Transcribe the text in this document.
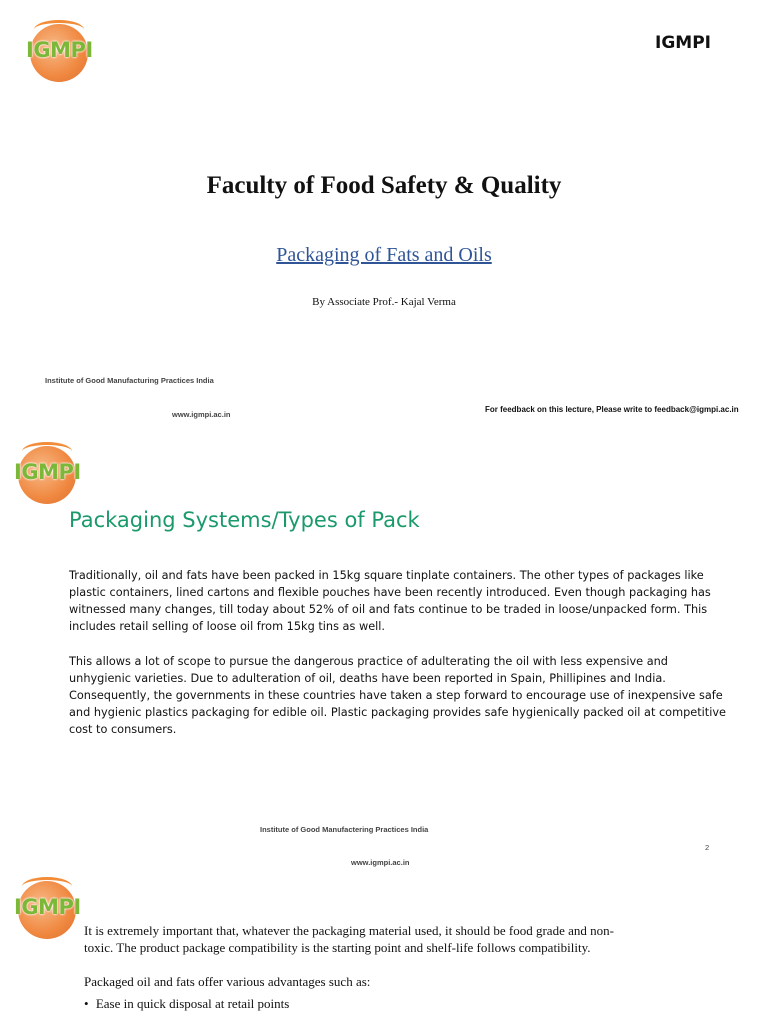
IGMPI	IGMPI
Faculty of Food Safety & Quality
Packaging of Fats and Oils
By Associate Prof.- Kajal Verma
Institute of Good Manufacturing Practices India
www.igmpi.ac.in
For feedback on this lecture, Please write to feedback@igmpi.ac.in
IGMPI
Packaging Systems/Types of Pack
Traditionally, oil and fats have been packed in 15kg square tinplate containers. The other types of packages like plastic containers, lined cartons and flexible pouches have been recently introduced. Even though packaging has witnessed many changes, till today about 52% of oil and fats continue to be traded in loose/unpacked form. This includes retail selling of loose oil from 15kg tins as well.
This allows a lot of scope to pursue the dangerous practice of adulterating the oil with less expensive and unhygienic varieties. Due to adulteration of oil, deaths have been reported in Spain, Phillipines and India. Consequently, the governments in these countries have taken a step forward to encourage use of inexpensive safe and hygienic plastics packaging for edible oil. Plastic packaging provides safe hygienically packed oil at competitive cost to consumers.
Institute of Good Manufactering Practices India
www.igmpi.ac.in
2
IGMPI
It is extremely important that, whatever the packaging material used, it should be food grade and non-toxic. The product package compatibility is the starting point and shelf-life follows compatibility.
Packaged oil and fats offer various advantages such as:
• Ease in quick disposal at retail points
